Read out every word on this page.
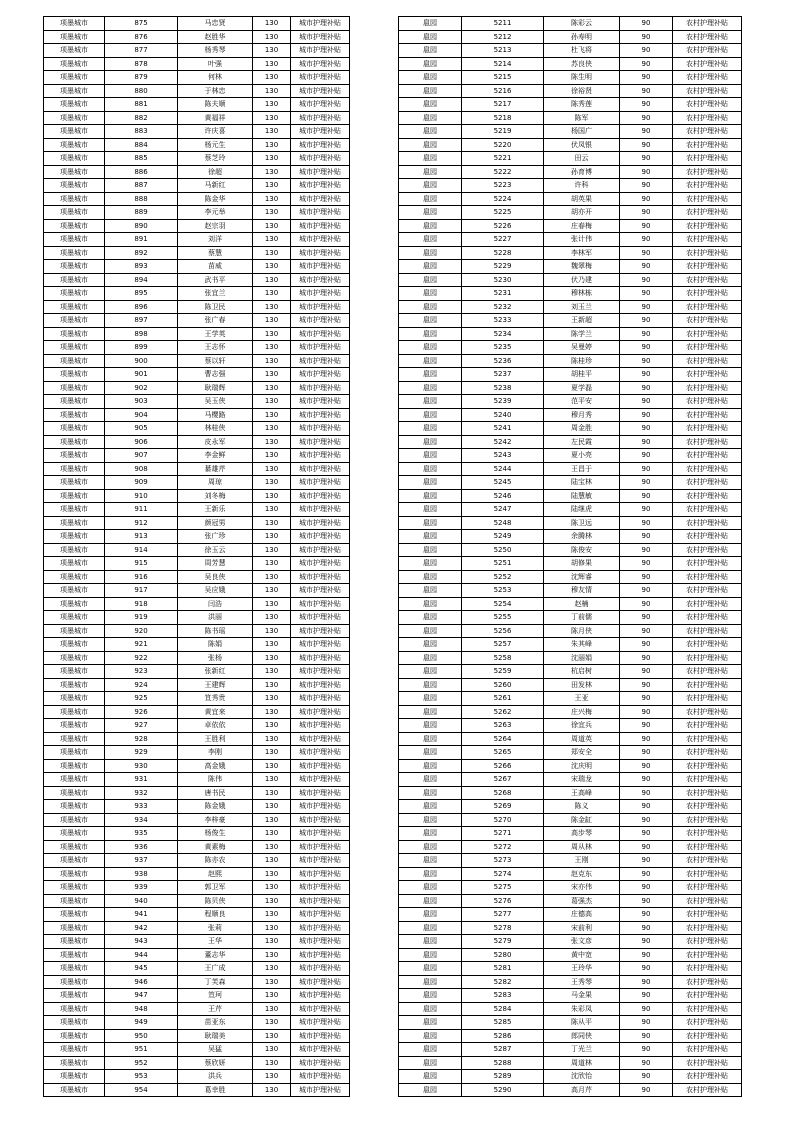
项墨城市	875	马忠贤	130	城市护理补贴
项墨城市	876	赵胜华	130	城市护理补贴
项墨城市	877	杨秀琴	130	城市护理补贴
项墨城市	878	叶强	130	城市护理补贴
项墨城市	879	何林	130	城市护理补贴
项墨城市	880	于林忠	130	城市护理补贴
项墨城市	881	陈夫顺	130	城市护理补贴
项墨城市	882	黄福祥	130	城市护理补贴
项墨城市	883	许庆喜	130	城市护理补贴
项墨城市	884	杨元生	130	城市护理补贴
项墨城市	885	蔡芝玲	130	城市护理补贴
项墨城市	886	徐超	130	城市护理补贴
项墨城市	887	马新红	130	城市护理补贴
项墨城市	888	陈金华	130	城市护理补贴
项墨城市	889	李元举	130	城市护理补贴
项墨城市	890	赵宗羽	130	城市护理补贴
项墨城市	891	刘洋	130	城市护理补贴
项墨城市	892	蔡慧	130	城市护理补贴
项墨城市	893	苗威	130	城市护理补贴
项墨城市	894	武书平	130	城市护理补贴
项墨城市	895	张宜兰	130	城市护理补贴
项墨城市	896	陈卫民	130	城市护理补贴
项墨城市	897	张广春	130	城市护理补贴
项墨城市	898	王学英	130	城市护理补贴
项墨城市	899	王志怀	130	城市护理补贴
项墨城市	900	蔡以轩	130	城市护理补贴
项墨城市	901	曹志强	130	城市护理补贴
项墨城市	902	耿瑞辉	130	城市护理补贴
项墨城市	903	吴玉侠	130	城市护理补贴
项墨城市	904	马樱路	130	城市护理补贴
项墨城市	905	林桂侠	130	城市护理补贴
项墨城市	906	皮永军	130	城市护理补贴
项墨城市	907	李金鲜	130	城市护理补贴
项墨城市	908	綦雄芹	130	城市护理补贴
项墨城市	909	周琼	130	城市护理补贴
项墨城市	910	刘冬梅	130	城市护理补贴
项墨城市	911	王新乐	130	城市护理补贴
项墨城市	912	颜冠男	130	城市护理补贴
项墨城市	913	张广珍	130	城市护理补贴
项墨城市	914	徐玉云	130	城市护理补贴
项墨城市	915	周芳慧	130	城市护理补贴
项墨城市	916	吴良侠	130	城市护理补贴
项墨城市	917	吴应娥	130	城市护理补贴
项墨城市	918	闫浩	130	城市护理补贴
项墨城市	919	洪丽	130	城市护理补贴
项墨城市	920	陈书瑶	130	城市护理补贴
项墨城市	921	陈娟	130	城市护理补贴
项墨城市	922	张杨	130	城市护理补贴
项墨城市	923	张新红	130	城市护理补贴
项墨城市	924	王建辉	130	城市护理补贴
项墨城市	925	笪秀贵	130	城市护理补贴
项墨城市	926	黄宜来	130	城市护理补贴
项墨城市	927	卓依依	130	城市护理补贴
项墨城市	928	王胜利	130	城市护理补贴
项墨城市	929	李刚	130	城市护理补贴
项墨城市	930	高金娥	130	城市护理补贴
项墨城市	931	陈伟	130	城市护理补贴
项墨城市	932	唐书民	130	城市护理补贴
项墨城市	933	陈金娥	130	城市护理补贴
项墨城市	934	李梓豪	130	城市护理补贴
项墨城市	935	杨俊生	130	城市护理补贴
项墨城市	936	黄素梅	130	城市护理补贴
项墨城市	937	陈亦农	130	城市护理补贴
项墨城市	938	赵熙	130	城市护理补贴
项墨城市	939	郭卫军	130	城市护理补贴
项墨城市	940	陈贝侠	130	城市护理补贴
项墨城市	941	程顺良	130	城市护理补贴
项墨城市	942	张莉	130	城市护理补贴
项墨城市	943	王华	130	城市护理补贴
项墨城市	944	董志华	130	城市护理补贴
项墨城市	945	王广成	130	城市护理补贴
项墨城市	946	丁芙森	130	城市护理补贴
项墨城市	947	笪珂	130	城市护理补贴
项墨城市	948	王芹	130	城市护理补贴
项墨城市	949	苗亚东	130	城市护理补贴
项墨城市	950	耿瑞美	130	城市护理补贴
项墨城市	951	吴猛	130	城市护理补贴
项墨城市	952	蔡欣妍	130	城市护理补贴
项墨城市	953	洪兵	130	城市护理补贴
项墨城市	954	葛幸胜	130	城市护理补贴
扈园	5211	陈彩云	90	农村护理补贴
扈园	5212	孙寿明	90	农村护理补贴
扈园	5213	杜飞将	90	农村护理补贴
扈园	5214	苏良侠	90	农村护理补贴
扈园	5215	陈生明	90	农村护理补贴
扈园	5216	徐裕贤	90	农村护理补贴
扈园	5217	陈秀莲	90	农村护理补贴
扈园	5218	陈军	90	农村护理补贴
扈园	5219	杨国广	90	农村护理补贴
扈园	5220	伏凤银	90	农村护理补贴
扈园	5221	田云	90	农村护理补贴
扈园	5222	孙育博	90	农村护理补贴
扈园	5223	许科	90	农村护理补贴
扈园	5224	胡英果	90	农村护理补贴
扈园	5225	胡亦开	90	农村护理补贴
扈园	5226	庄春梅	90	农村护理补贴
扈园	5227	张计伟	90	农村护理补贴
扈园	5228	李林军	90	农村护理补贴
扈园	5229	魏翠梅	90	农村护理补贴
扈园	5230	伏乃建	90	农村护理补贴
扈园	5231	穆林栋	90	农村护理补贴
扈园	5232	刘玉兰	90	农村护理补贴
扈园	5233	王新超	90	农村护理补贴
扈园	5234	陈学兰	90	农村护理补贴
扈园	5235	吴曼婷	90	农村护理补贴
扈园	5236	陈桂珍	90	农村护理补贴
扈园	5237	胡桂平	90	农村护理补贴
扈园	5238	夏学磊	90	农村护理补贴
扈园	5239	范平安	90	农村护理补贴
扈园	5240	穆月秀	90	农村护理补贴
扈园	5241	周金胜	90	农村护理补贴
扈园	5242	左民霞	90	农村护理补贴
扈园	5243	夏小亮	90	农村护理补贴
扈园	5244	王昌于	90	农村护理补贴
扈园	5245	陆宝林	90	农村护理补贴
扈园	5246	陆慧敏	90	农村护理补贴
扈园	5247	陆继虎	90	农村护理补贴
扈园	5248	陈卫远	90	农村护理补贴
扈园	5249	余腾林	90	农村护理补贴
扈园	5250	陈俊安	90	农村护理补贴
扈园	5251	胡修果	90	农村护理补贴
扈园	5252	沈辉睿	90	农村护理补贴
扈园	5253	穆友情	90	农村护理补贴
扈园	5254	赵楠	90	农村护理补贴
扈园	5255	丁前儒	90	农村护理补贴
扈园	5256	陈月侠	90	农村护理补贴
扈园	5257	朱其峰	90	农村护理补贴
扈园	5258	沈丽娟	90	农村护理补贴
扈园	5259	杭启树	90	农村护理补贴
扈园	5260	田发林	90	农村护理补贴
扈园	5261	王亚	90	农村护理补贴
扈园	5262	庄兴梅	90	农村护理补贴
扈园	5263	徐宜兵	90	农村护理补贴
扈园	5264	周道英	90	农村护理补贴
扈园	5265	郑安全	90	农村护理补贴
扈园	5266	沈庆明	90	农村护理补贴
扈园	5267	宋瑞龙	90	农村护理补贴
扈园	5268	王高峰	90	农村护理补贴
扈园	5269	陈义	90	农村护理补贴
扈园	5270	陈金缸	90	农村护理补贴
扈园	5271	高步琴	90	农村护理补贴
扈园	5272	周从林	90	农村护理补贴
扈园	5273	王刚	90	农村护理补贴
扈园	5274	赵克东	90	农村护理补贴
扈园	5275	宋亦伟	90	农村护理补贴
扈园	5276	葛强杰	90	农村护理补贴
扈园	5277	庄德高	90	农村护理补贴
扈园	5278	宋前利	90	农村护理补贴
扈园	5279	张文彦	90	农村护理补贴
扈园	5280	黄中宽	90	农村护理补贴
扈园	5281	王玲华	90	农村护理补贴
扈园	5282	王秀琴	90	农村护理补贴
扈园	5283	马金果	90	农村护理补贴
扈园	5284	朱彩凤	90	农村护理补贴
扈园	5285	陈从平	90	农村护理补贴
扈园	5286	郎同侠	90	农村护理补贴
扈园	5287	丁光兰	90	农村护理补贴
扈园	5288	周道林	90	农村护理补贴
扈园	5289	沈欣怡	90	农村护理补贴
扈园	5290	高月芹	90	农村护理补贴
